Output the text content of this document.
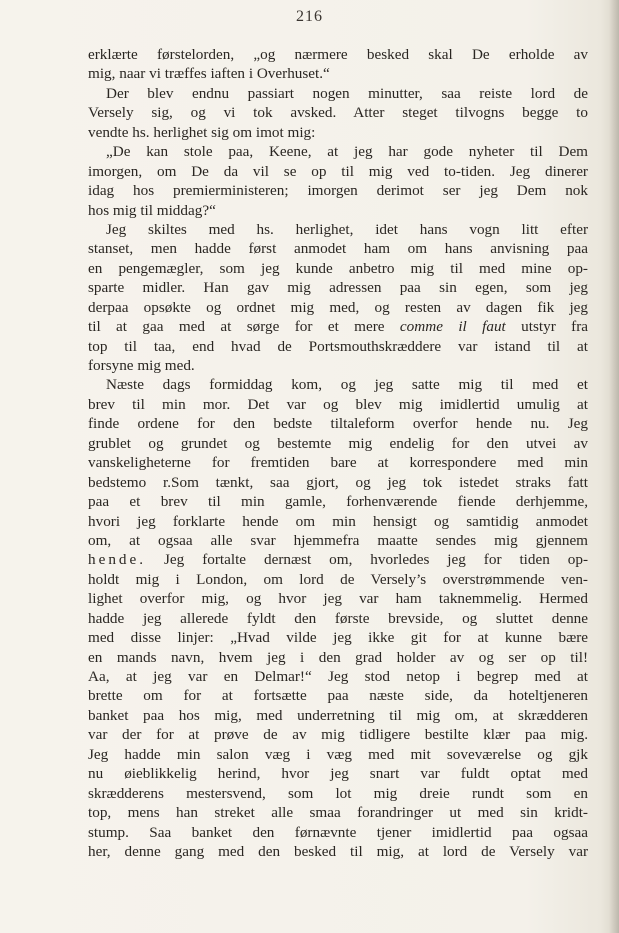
216
erklærte førstelorden, „og nærmere besked skal De erholde av
mig, naar vi træffes iaften i Overhuset.“
Der blev endnu passiart nogen minutter, saa reiste lord de
Versely sig, og vi tok avsked. Atter steget tilvogns begge to
vendte hs. herlighet sig om imot mig:
„De kan stole paa, Keene, at jeg har gode nyheter til Dem
imorgen, om De da vil se op til mig ved to-tiden. Jeg dinerer
idag hos premierministeren; imorgen derimot ser jeg Dem nok
hos mig til middag?“
Jeg skiltes med hs. herlighet, idet hans vogn litt efter
stanset, men hadde først anmodet ham om hans anvisning paa
en pengemægler, som jeg kunde anbetro mig til med mine op-
sparte midler. Han gav mig adressen paa sin egen, som jeg
derpaa opsøkte og ordnet mig med, og resten av dagen fik jeg
til at gaa med at sørge for et mere comme il faut utstyr fra
top til taa, end hvad de Portsmouthskræddere var istand til at
forsyne mig med.
Næste dags formiddag kom, og jeg satte mig til med et
brev til min mor. Det var og blev mig imidlertid umulig at
finde ordene for den bedste tiltaleform overfor hende nu. Jeg
grublet og grundet og bestemte mig endelig for den utvei av
vanskeligheterne for fremtiden bare at korrespondere med min
bedstemo r.Som tænkt, saa gjort, og jeg tok istedet straks fatt
paa et brev til min gamle, forhenværende fiende derhjemme,
hvori jeg forklarte hende om min hensigt og samtidig anmodet
om, at ogsaa alle svar hjemmefra maatte sendes mig gjennem
hende. Jeg fortalte dernæst om, hvorledes jeg for tiden op-
holdt mig i London, om lord de Versely’s overstrømmende ven-
lighet overfor mig, og hvor jeg var ham taknemmelig. Hermed
hadde jeg allerede fyldt den første brevside, og sluttet denne
med disse linjer: „Hvad vilde jeg ikke git for at kunne bære
en mands navn, hvem jeg i den grad holder av og ser op til!
Aa, at jeg var en Delmar!“ Jeg stod netop i begrep med at
brette om for at fortsætte paa næste side, da hoteltjeneren
banket paa hos mig, med underretning til mig om, at skrædderen
var der for at prøve de av mig tidligere bestilte klær paa mig.
Jeg hadde min salon væg i væg med mit soveværelse og gjk
nu øieblikkelig herind, hvor jeg snart var fuldt optat med
skrædderens mestersvend, som lot mig dreie rundt som en
top, mens han streket alle smaa forandringer ut med sin kridt-
stump. Saa banket den førnævnte tjener imidlertid paa ogsaa
her, denne gang med den besked til mig, at lord de Versely var
